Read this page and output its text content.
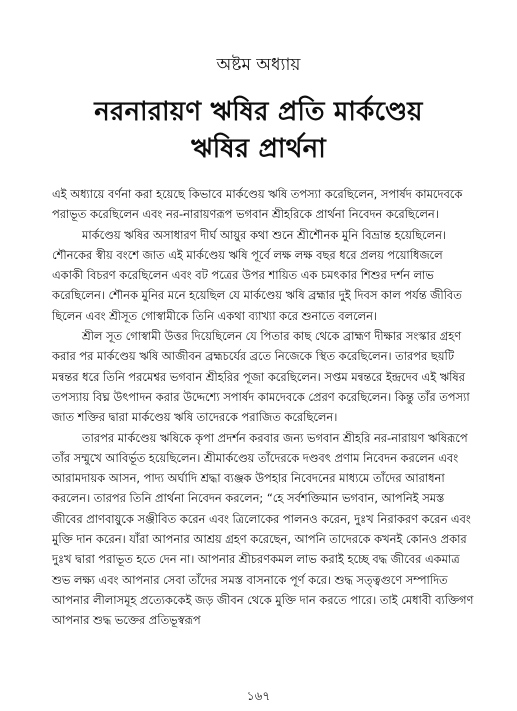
অষ্টম অধ্যায়
নরনারায়ণ ঋষির প্রতি মার্কণ্ডেয়
ঋষির প্রার্থনা

এই অধ্যায়ে বর্ণনা করা হয়েছে কিভাবে মার্কণ্ডেয় ঋষি তপস্যা করেছিলেন, সপার্ষদ কামদেবকে পরাভূত করেছিলেন এবং নর-নারায়ণরূপ ভগবান শ্রীহরিকে প্রার্থনা নিবেদন করেছিলেন।

মার্কণ্ডেয় ঋষির অসাধারণ দীর্ঘ আয়ুর কথা শুনে শ্রীশৌনক মুনি বিভ্রান্ত হয়েছিলেন। শৌনকের স্বীয় বংশে জাত এই মার্কণ্ডেয় ঋষি পূর্বে লক্ষ লক্ষ বছর ধরে প্রলয় পয়োধিজলে একাকী বিচরণ করেছিলেন এবং বট পত্রের উপর শায়িত এক চমৎকার শিশুর দর্শন লাভ করেছিলেন। শৌনক মুনির মনে হয়েছিল যে মার্কণ্ডেয় ঋষি ব্রহ্মার দুই দিবস কাল পর্যন্ত জীবিত ছিলেন এবং শ্রীসূত গোস্বামীকে তিনি একথা ব্যাখ্যা করে শুনাতে বললেন।

শ্রীল সূত গোস্বামী উত্তর দিয়েছিলেন যে পিতার কাছ থেকে ব্রাহ্মণ দীক্ষার সংস্কার গ্রহণ করার পর মার্কণ্ডেয় ঋষি আজীবন ব্রহ্মচর্যের ব্রতে নিজেকে স্থিত করেছিলেন। তারপর ছয়টি মন্বন্তর ধরে তিনি পরমেশ্বর ভগবান শ্রীহরির পূজা করেছিলেন। সপ্তম মন্বন্তরে ইন্দ্রদেব এই ঋষির তপস্যায় বিঘ্ন উৎপাদন করার উদ্দেশ্যে সপার্ষদ কামদেবকে প্রেরণ করেছিলেন। কিন্তু তাঁর তপস্যা জাত শক্তির দ্বারা মার্কণ্ডেয় ঋষি তাদেরকে পরাজিত করেছিলেন।

তারপর মার্কণ্ডেয় ঋষিকে কৃপা প্রদর্শন করবার জন্য ভগবান শ্রীহরি নর-নারায়ণ ঋষিরূপে তাঁর সম্মুখে আবির্ভূত হয়েছিলেন। শ্রীমার্কণ্ডেয় তাঁদেরকে দণ্ডবৎ প্রণাম নিবেদন করলেন এবং আরামদায়ক আসন, পাদ্য অর্ঘাদি শ্রদ্ধা ব্যঞ্জক উপহার নিবেদনের মাধ্যমে তাঁদের আরাধনা করলেন। তারপর তিনি প্রার্থনা নিবেদন করলেন; “হে সর্বশক্তিমান ভগবান, আপনিই সমস্ত জীবের প্রাণবায়ুকে সঞ্জীবিত করেন এবং ত্রিলোকের পালনও করেন, দুঃখ নিরাকরণ করেন এবং মুক্তি দান করেন। যাঁরা আপনার আশ্রয় গ্রহণ করেছেন, আপনি তাদেরকে কখনই কোনও প্রকার দুঃখ দ্বারা পরাভূত হতে দেন না। আপনার শ্রীচরণকমল লাভ করাই হচ্ছে বদ্ধ জীবের একমাত্র শুভ লক্ষ্য এবং আপনার সেবা তাঁদের সমস্ত বাসনাকে পূর্ণ করে। শুদ্ধ সত্ত্বগুণে সম্পাদিত আপনার লীলাসমূহ প্রত্যেককেই জড় জীবন থেকে মুক্তি দান করতে পারে। তাই মেধাবী ব্যক্তিগণ আপনার শুদ্ধ ভক্তের প্রতিভূস্বরূপ

১৬৭
